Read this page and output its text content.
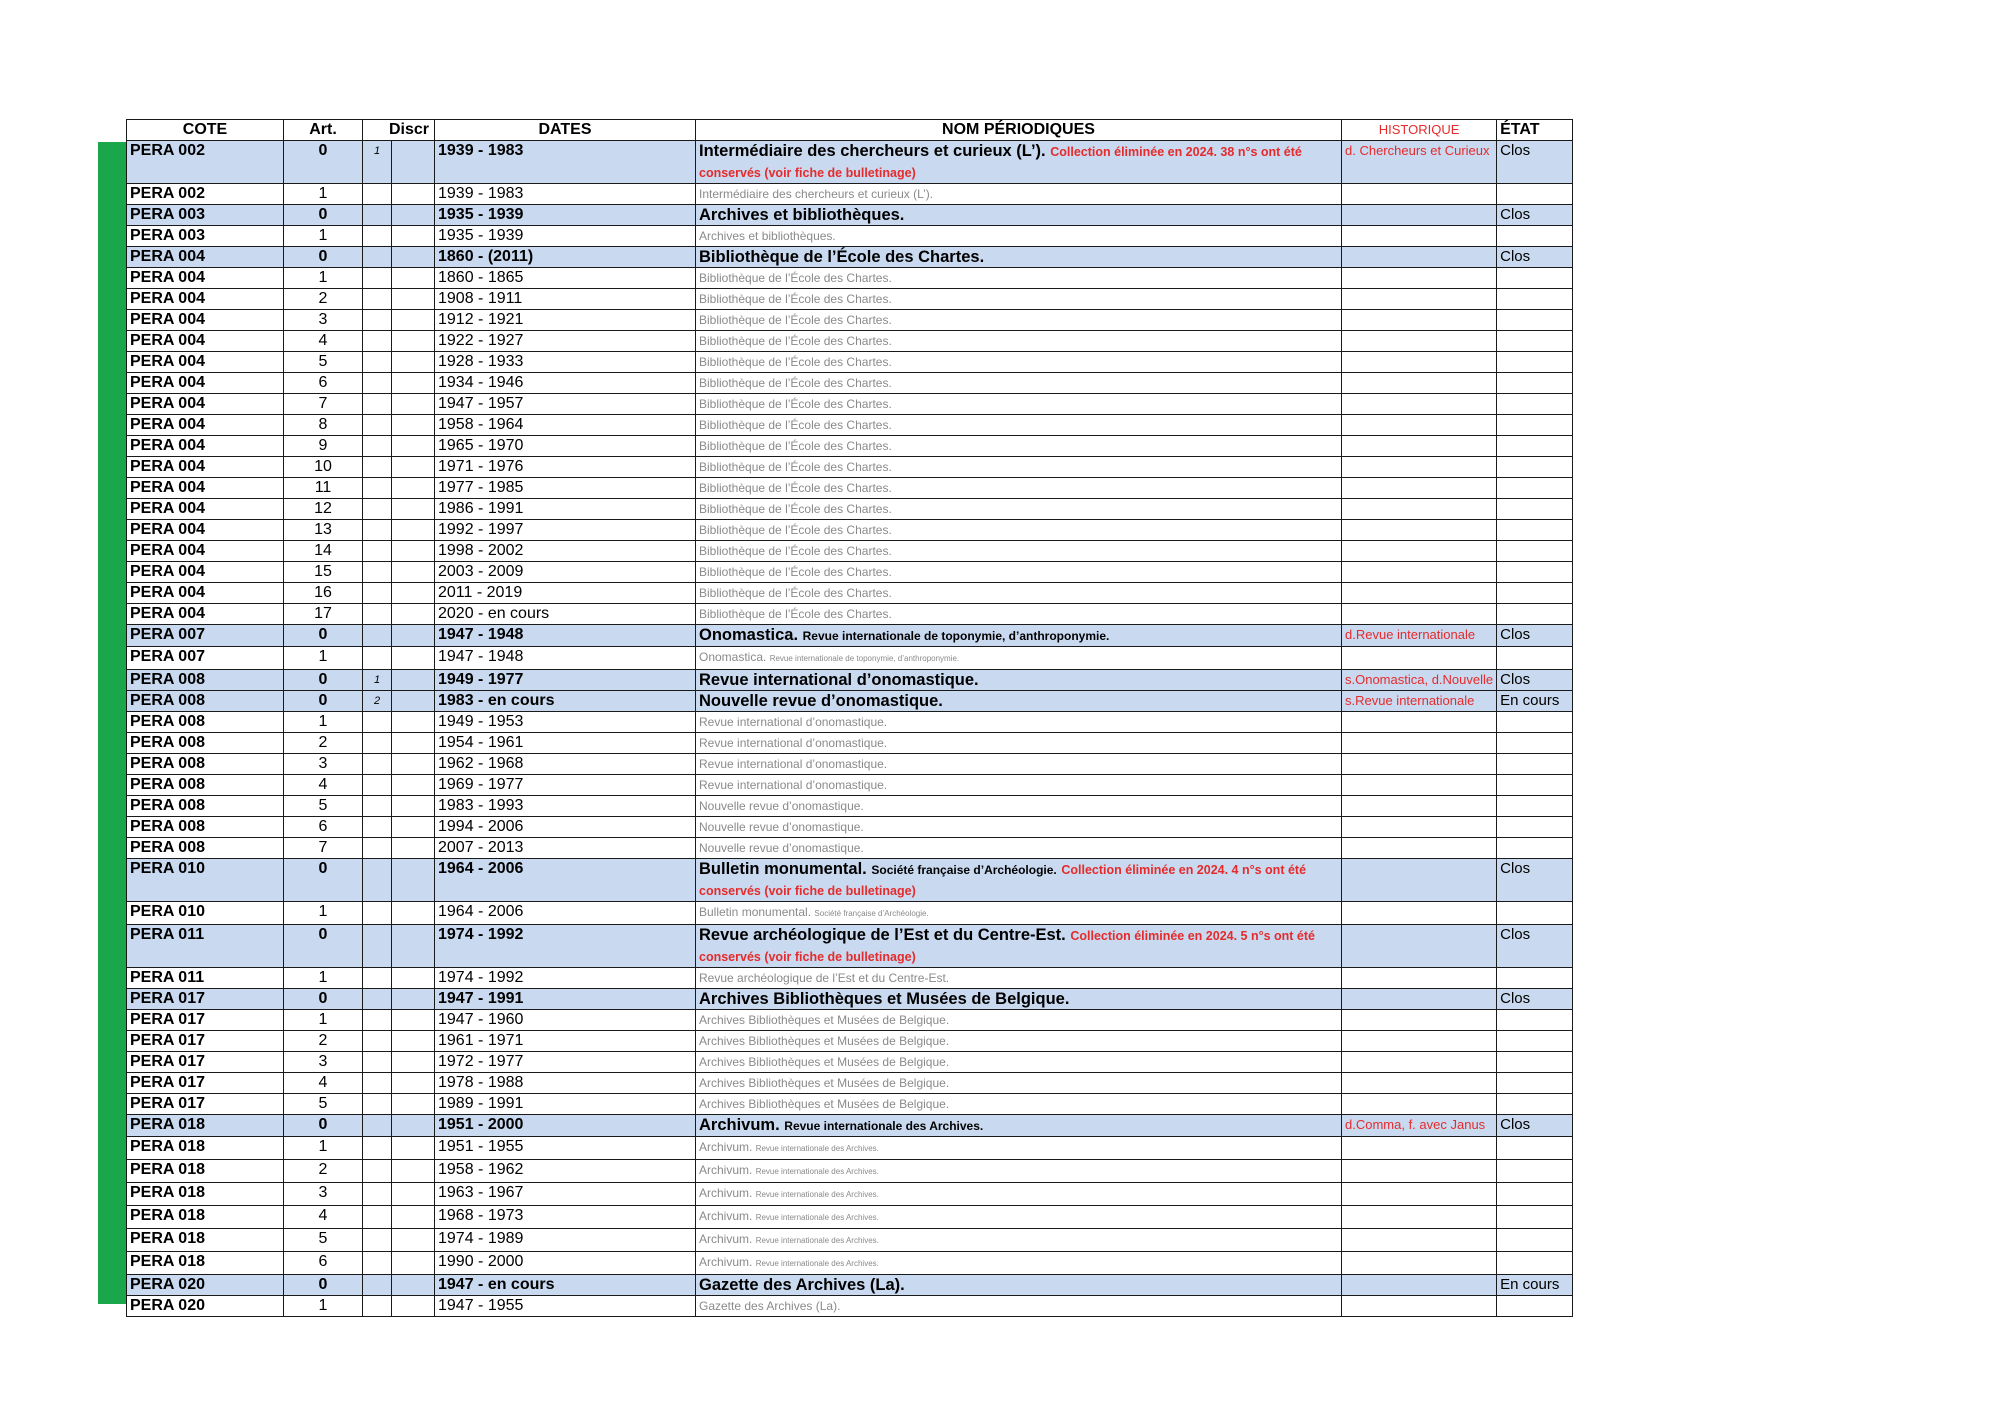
COTE	Art.	Discr		DATES	NOM PÉRIODIQUES	HISTORIQUE	ÉTAT
PERA 002	0	1		1939 - 1983	Intermédiaire des chercheurs et curieux (L’). Collection éliminée en 2024. 38 n°s ont été conservés (voir fiche de bulletinage)	d. Chercheurs et Curieux	Clos
PERA 002	1			1939 - 1983	Intermédiaire des chercheurs et curieux (L’).		
PERA 003	0			1935 - 1939	Archives et bibliothèques.		Clos
PERA 003	1			1935 - 1939	Archives et bibliothèques.		
PERA 004	0			1860 - (2011)	Bibliothèque de l’École des Chartes.		Clos
PERA 004	1			1860 - 1865	Bibliothèque de l’École des Chartes.		
PERA 004	2			1908 - 1911	Bibliothèque de l’École des Chartes.		
PERA 004	3			1912 - 1921	Bibliothèque de l’École des Chartes.		
PERA 004	4			1922 - 1927	Bibliothèque de l’École des Chartes.		
PERA 004	5			1928 - 1933	Bibliothèque de l’École des Chartes.		
PERA 004	6			1934 - 1946	Bibliothèque de l’École des Chartes.		
PERA 004	7			1947 - 1957	Bibliothèque de l’École des Chartes.		
PERA 004	8			1958 - 1964	Bibliothèque de l’École des Chartes.		
PERA 004	9			1965 - 1970	Bibliothèque de l’École des Chartes.		
PERA 004	10			1971 - 1976	Bibliothèque de l’École des Chartes.		
PERA 004	11			1977 - 1985	Bibliothèque de l’École des Chartes.		
PERA 004	12			1986 - 1991	Bibliothèque de l’École des Chartes.		
PERA 004	13			1992 - 1997	Bibliothèque de l’École des Chartes.		
PERA 004	14			1998 - 2002	Bibliothèque de l’École des Chartes.		
PERA 004	15			2003 - 2009	Bibliothèque de l’École des Chartes.		
PERA 004	16			2011 - 2019	Bibliothèque de l’École des Chartes.		
PERA 004	17			2020 - en cours	Bibliothèque de l’École des Chartes.		
PERA 007	0			1947 - 1948	Onomastica. Revue internationale de toponymie, d’anthroponymie.	d.Revue internationale	Clos
PERA 007	1			1947 - 1948	Onomastica. Revue internationale de toponymie, d’anthroponymie.		
PERA 008	0	1		1949 - 1977	Revue international d’onomastique.	s.Onomastica, d.Nouvelle	Clos
PERA 008	0	2		1983 - en cours	Nouvelle revue d’onomastique.	s.Revue internationale	En cours
PERA 008	1			1949 - 1953	Revue international d’onomastique.		
PERA 008	2			1954 - 1961	Revue international d’onomastique.		
PERA 008	3			1962 - 1968	Revue international d’onomastique.		
PERA 008	4			1969 - 1977	Revue international d’onomastique.		
PERA 008	5			1983 - 1993	Nouvelle revue d’onomastique.		
PERA 008	6			1994 - 2006	Nouvelle revue d’onomastique.		
PERA 008	7			2007 - 2013	Nouvelle revue d’onomastique.		
PERA 010	0			1964 - 2006	Bulletin monumental. Société française d’Archéologie. Collection éliminée en 2024. 4 n°s ont été conservés (voir fiche de bulletinage)		Clos
PERA 010	1			1964 - 2006	Bulletin monumental. Société française d’Archéologie.		
PERA 011	0			1974 - 1992	Revue archéologique de l’Est et du Centre-Est. Collection éliminée en 2024. 5 n°s ont été conservés (voir fiche de bulletinage)		Clos
PERA 011	1			1974 - 1992	Revue archéologique de l’Est et du Centre-Est.		
PERA 017	0			1947 - 1991	Archives Bibliothèques et Musées de Belgique.		Clos
PERA 017	1			1947 - 1960	Archives Bibliothèques et Musées de Belgique.		
PERA 017	2			1961 - 1971	Archives Bibliothèques et Musées de Belgique.		
PERA 017	3			1972 - 1977	Archives Bibliothèques et Musées de Belgique.		
PERA 017	4			1978 - 1988	Archives Bibliothèques et Musées de Belgique.		
PERA 017	5			1989 - 1991	Archives Bibliothèques et Musées de Belgique.		
PERA 018	0			1951 - 2000	Archivum. Revue internationale des Archives.	d.Comma, f. avec Janus	Clos
PERA 018	1			1951 - 1955	Archivum. Revue internationale des Archives.		
PERA 018	2			1958 - 1962	Archivum. Revue internationale des Archives.		
PERA 018	3			1963 - 1967	Archivum. Revue internationale des Archives.		
PERA 018	4			1968 - 1973	Archivum. Revue internationale des Archives.		
PERA 018	5			1974 - 1989	Archivum. Revue internationale des Archives.		
PERA 018	6			1990 - 2000	Archivum. Revue internationale des Archives.		
PERA 020	0			1947 - en cours	Gazette des Archives (La).		En cours
PERA 020	1			1947 - 1955	Gazette des Archives (La).		
